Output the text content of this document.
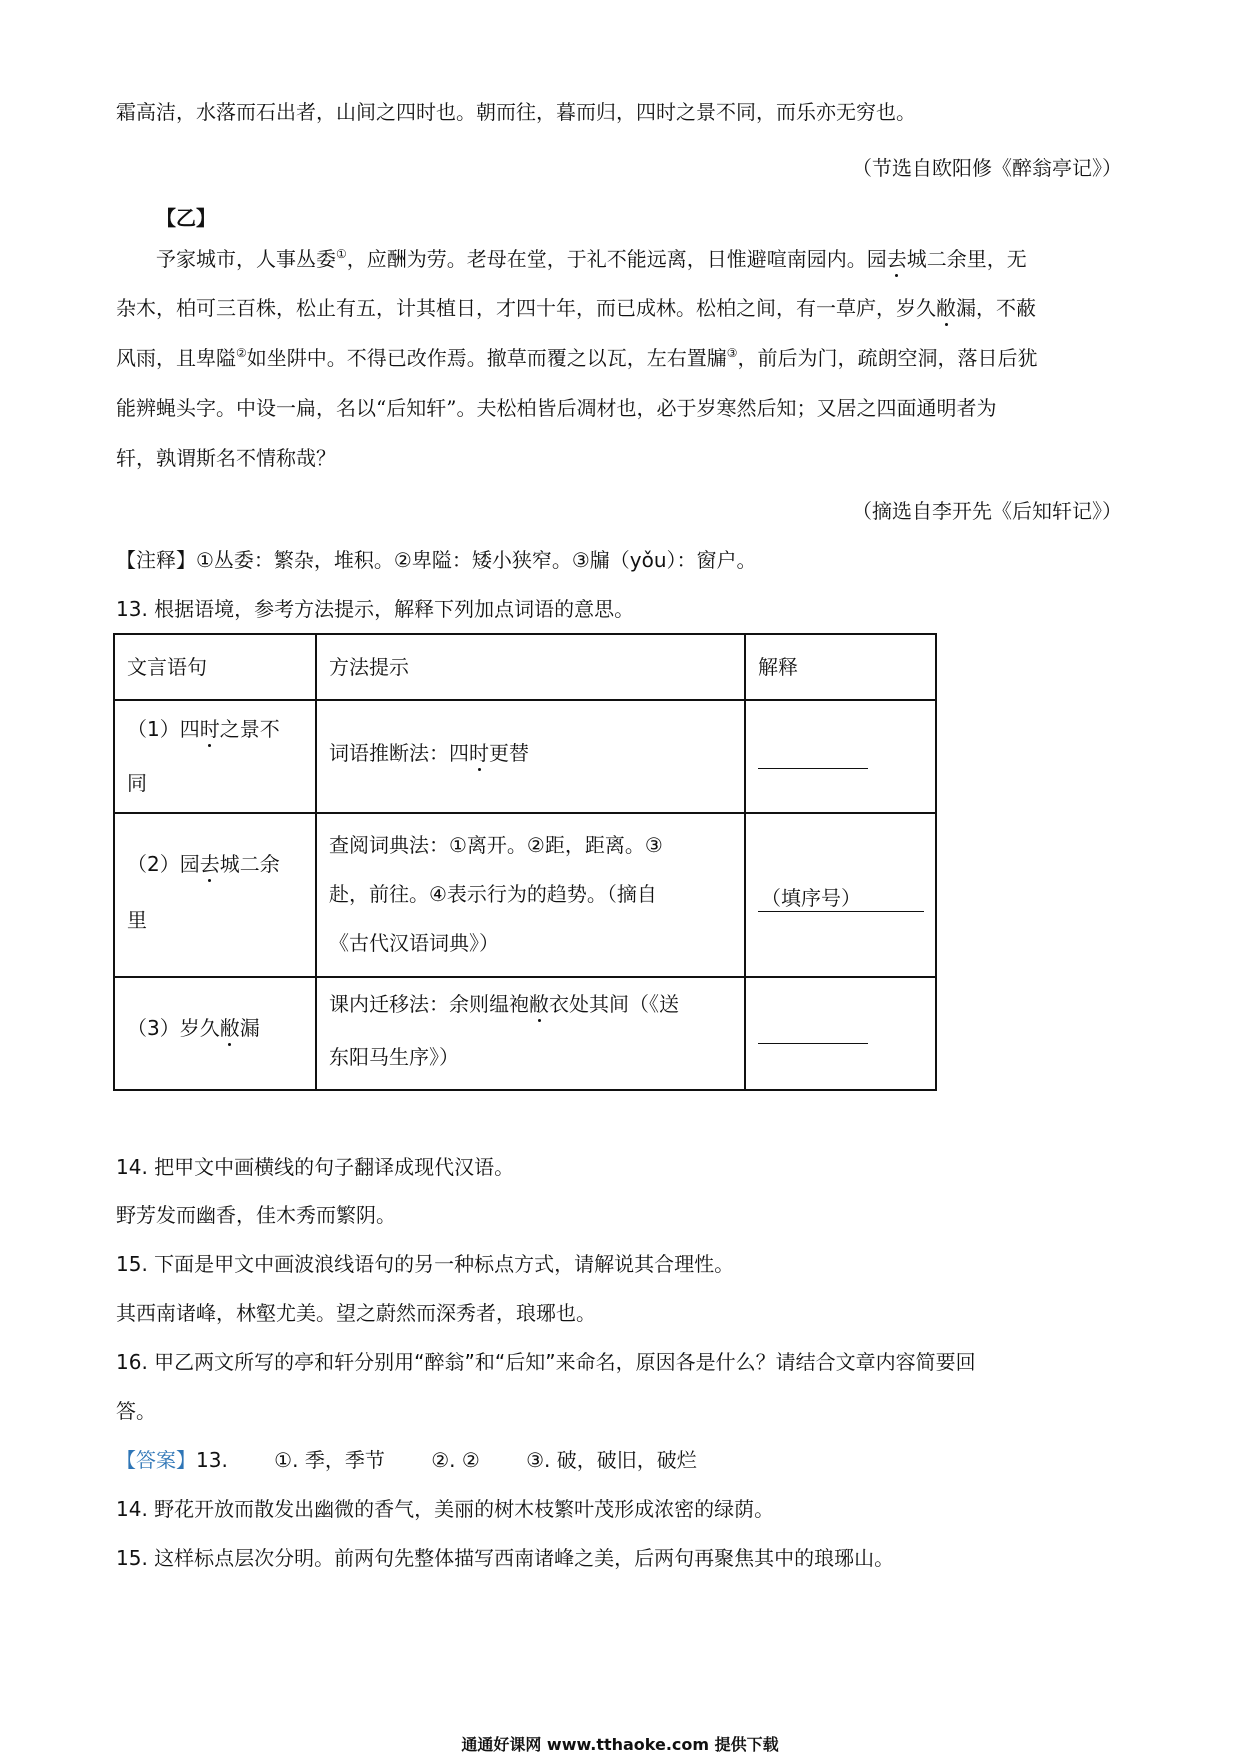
霜高洁，水落而石出者，山间之四时也。朝而往，暮而归，四时之景不同，而乐亦无穷也。
（节选自欧阳修《醉翁亭记》）
【乙】
予家城市，人事丛委①，应酬为劳。老母在堂，于礼不能远离，日惟避喧南园内。园去城二余里，无
杂木，柏可三百株，松止有五，计其植日，才四十年，而已成林。松柏之间，有一草庐，岁久敝漏，不蔽
风雨，且卑隘②如坐阱中。不得已改作焉。撤草而覆之以瓦，左右置牖③，前后为门，疏朗空洞，落日后犹
能辨蝇头字。中设一扁，名以“后知轩”。夫松柏皆后凋材也，必于岁寒然后知；又居之四面通明者为
轩，孰谓斯名不情称哉？
（摘选自李开先《后知轩记》）
【注释】①丛委：繁杂，堆积。②卑隘：矮小狭窄。③牖（yǒu）：窗户。
13. 根据语境，参考方法提示，解释下列加点词语的意思。
文言语句	方法提示	解释
（1）四时之景不
同
词语推断法：四时更替
（2）园去城二余
里
查阅词典法：①离开。②距，距离。③
赴，前往。④表示行为的趋势。（摘自
《古代汉语词典》）
（填序号）
（3）岁久敝漏
课内迁移法：余则缊袍敝衣处其间（《送
东阳马生序》）
14. 把甲文中画横线的句子翻译成现代汉语。
野芳发而幽香，佳木秀而繁阴。
15. 下面是甲文中画波浪线语句的另一种标点方式，请解说其合理性。
其西南诸峰，林壑尤美。望之蔚然而深秀者，琅琊也。
16. 甲乙两文所写的亭和轩分别用“醉翁”和“后知”来命名，原因各是什么？请结合文章内容简要回
答。
【答案】13. ①. 季，季节 ②. ② ③. 破，破旧，破烂
14. 野花开放而散发出幽微的香气，美丽的树木枝繁叶茂形成浓密的绿荫。
15. 这样标点层次分明。前两句先整体描写西南诸峰之美，后两句再聚焦其中的琅琊山。
通通好课网 www.tthaoke.com 提供下载
